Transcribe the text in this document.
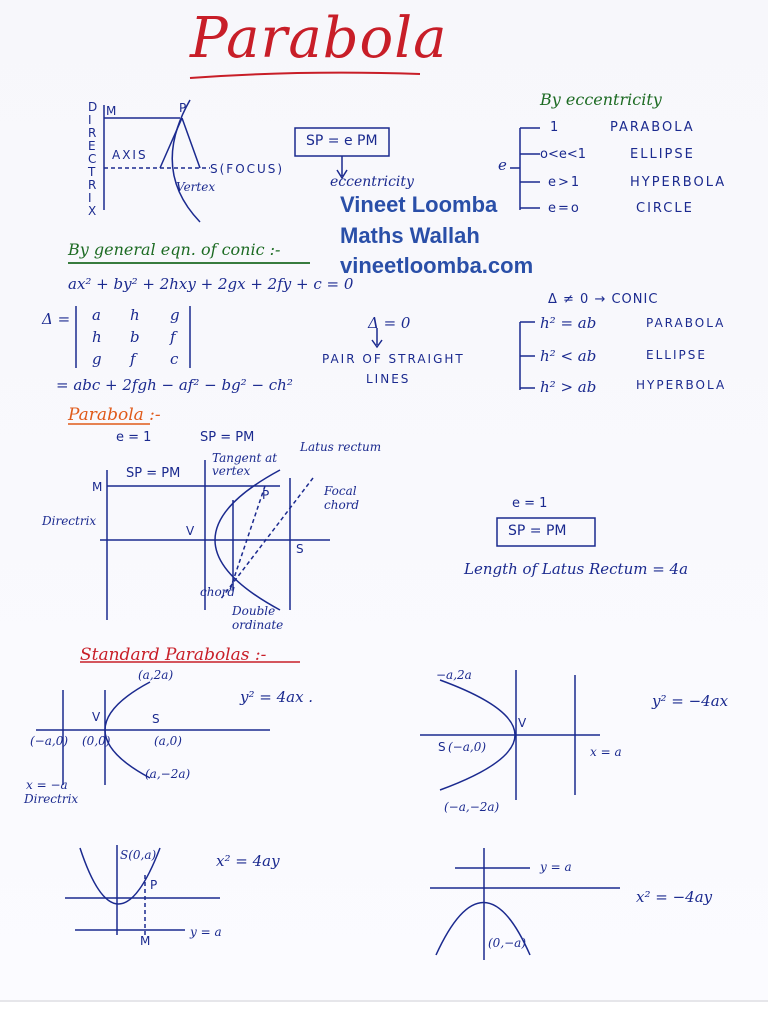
Parabola
Vineet Loomba
Maths Wallah
vineetloomba.com
DIRECTRIX
M	P
AXIS
S(FOCUS)
Vertex
SP = e PM
eccentricity
By eccentricity
e
1	PARABOLA
o<e<1	ELLIPSE
e>1	HYPERBOLA
e=o	CIRCLE
By general eqn. of conic :-
ax² + by² + 2hxy + 2gx + 2fy + c = 0
Δ = a h g
h b f
g f c
= abc + 2fgh − af² − bg² − ch²
Δ = 0
PAIR OF STRAIGHT
LINES
Δ ≠ 0 → CONIC
h² = ab	PARABOLA
h² < ab	ELLIPSE
h² > ab	HYPERBOLA
Parabola :-
e = 1	SP = PM
SP = PM
M
Directrix
V
S
P
Tangent at vertex
Latus rectum
Focal chord
chord
Double ordinate
e = 1
SP = PM
Length of Latus Rectum = 4a
Standard Parabolas :-
(a,2a)
y² = 4ax .
V	S
(−a,0) (0,0)	(a,0)
(a,−2a)
x = −a
Directrix
−a,2a
y² = −4ax
S (−a,0)
V
x = a
(−a,−2a)
S(0,a)	x² = 4ay
P
M
y = a
y = a
x² = −4ay
(0,−a)
